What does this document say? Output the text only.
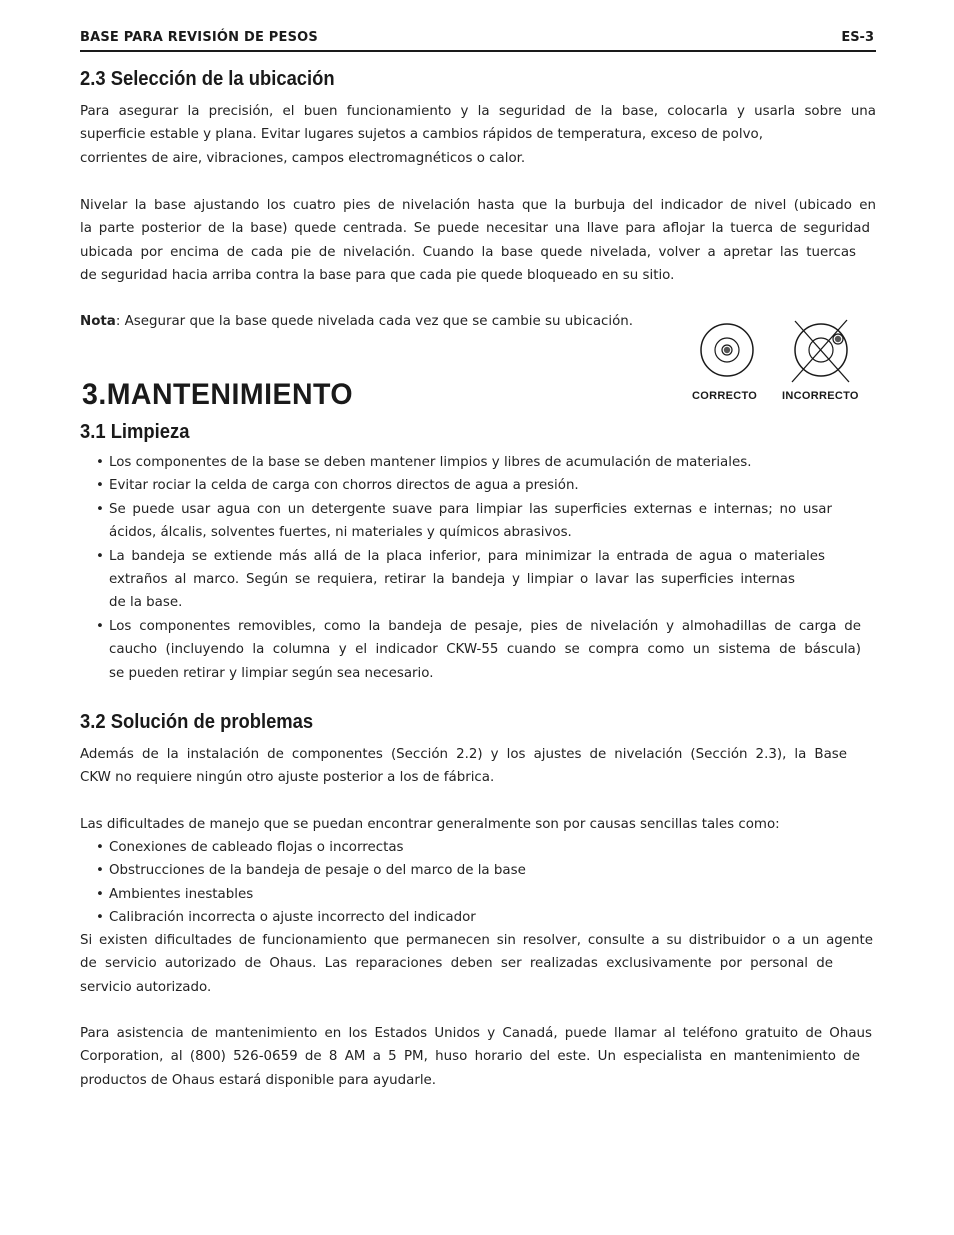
BASE PARA REVISIÓN DE PESOS	ES-3
2.3 Selección de la ubicación
Para asegurar la precisión, el buen funcionamiento y la seguridad de la base, colocarla y usarla sobre una
superficie estable y plana. Evitar lugares sujetos a cambios rápidos de temperatura, exceso de polvo,
corrientes de aire, vibraciones, campos electromagnéticos o calor.
Nivelar la base ajustando los cuatro pies de nivelación hasta que la burbuja del indicador de nivel (ubicado en
la parte posterior de la base) quede centrada. Se puede necesitar una llave para aflojar la tuerca de seguridad
ubicada por encima de cada pie de nivelación. Cuando la base quede nivelada, volver a apretar las tuercas
de seguridad hacia arriba contra la base para que cada pie quede bloqueado en su sitio.
Nota: Asegurar que la base quede nivelada cada vez que se cambie su ubicación.
CORRECTO INCORRECTO
3.MANTENIMIENTO
3.1 Limpieza
• Los componentes de la base se deben mantener limpios y libres de acumulación de materiales.
• Evitar rociar la celda de carga con chorros directos de agua a presión.
• Se puede usar agua con un detergente suave para limpiar las superficies externas e internas; no usar
ácidos, álcalis, solventes fuertes, ni materiales y químicos abrasivos.
• La bandeja se extiende más allá de la placa inferior, para minimizar la entrada de agua o materiales
extraños al marco. Según se requiera, retirar la bandeja y limpiar o lavar las superficies internas
de la base.
• Los componentes removibles, como la bandeja de pesaje, pies de nivelación y almohadillas de carga de
caucho (incluyendo la columna y el indicador CKW-55 cuando se compra como un sistema de báscula)
se pueden retirar y limpiar según sea necesario.
3.2 Solución de problemas
Además de la instalación de componentes (Sección 2.2) y los ajustes de nivelación (Sección 2.3), la Base
CKW no requiere ningún otro ajuste posterior a los de fábrica.
Las dificultades de manejo que se puedan encontrar generalmente son por causas sencillas tales como:
• Conexiones de cableado flojas o incorrectas
• Obstrucciones de la bandeja de pesaje o del marco de la base
• Ambientes inestables
• Calibración incorrecta o ajuste incorrecto del indicador
Si existen dificultades de funcionamiento que permanecen sin resolver, consulte a su distribuidor o a un agente
de servicio autorizado de Ohaus. Las reparaciones deben ser realizadas exclusivamente por personal de
servicio autorizado.
Para asistencia de mantenimiento en los Estados Unidos y Canadá, puede llamar al teléfono gratuito de Ohaus
Corporation, al (800) 526-0659 de 8 AM a 5 PM, huso horario del este. Un especialista en mantenimiento de
productos de Ohaus estará disponible para ayudarle.
